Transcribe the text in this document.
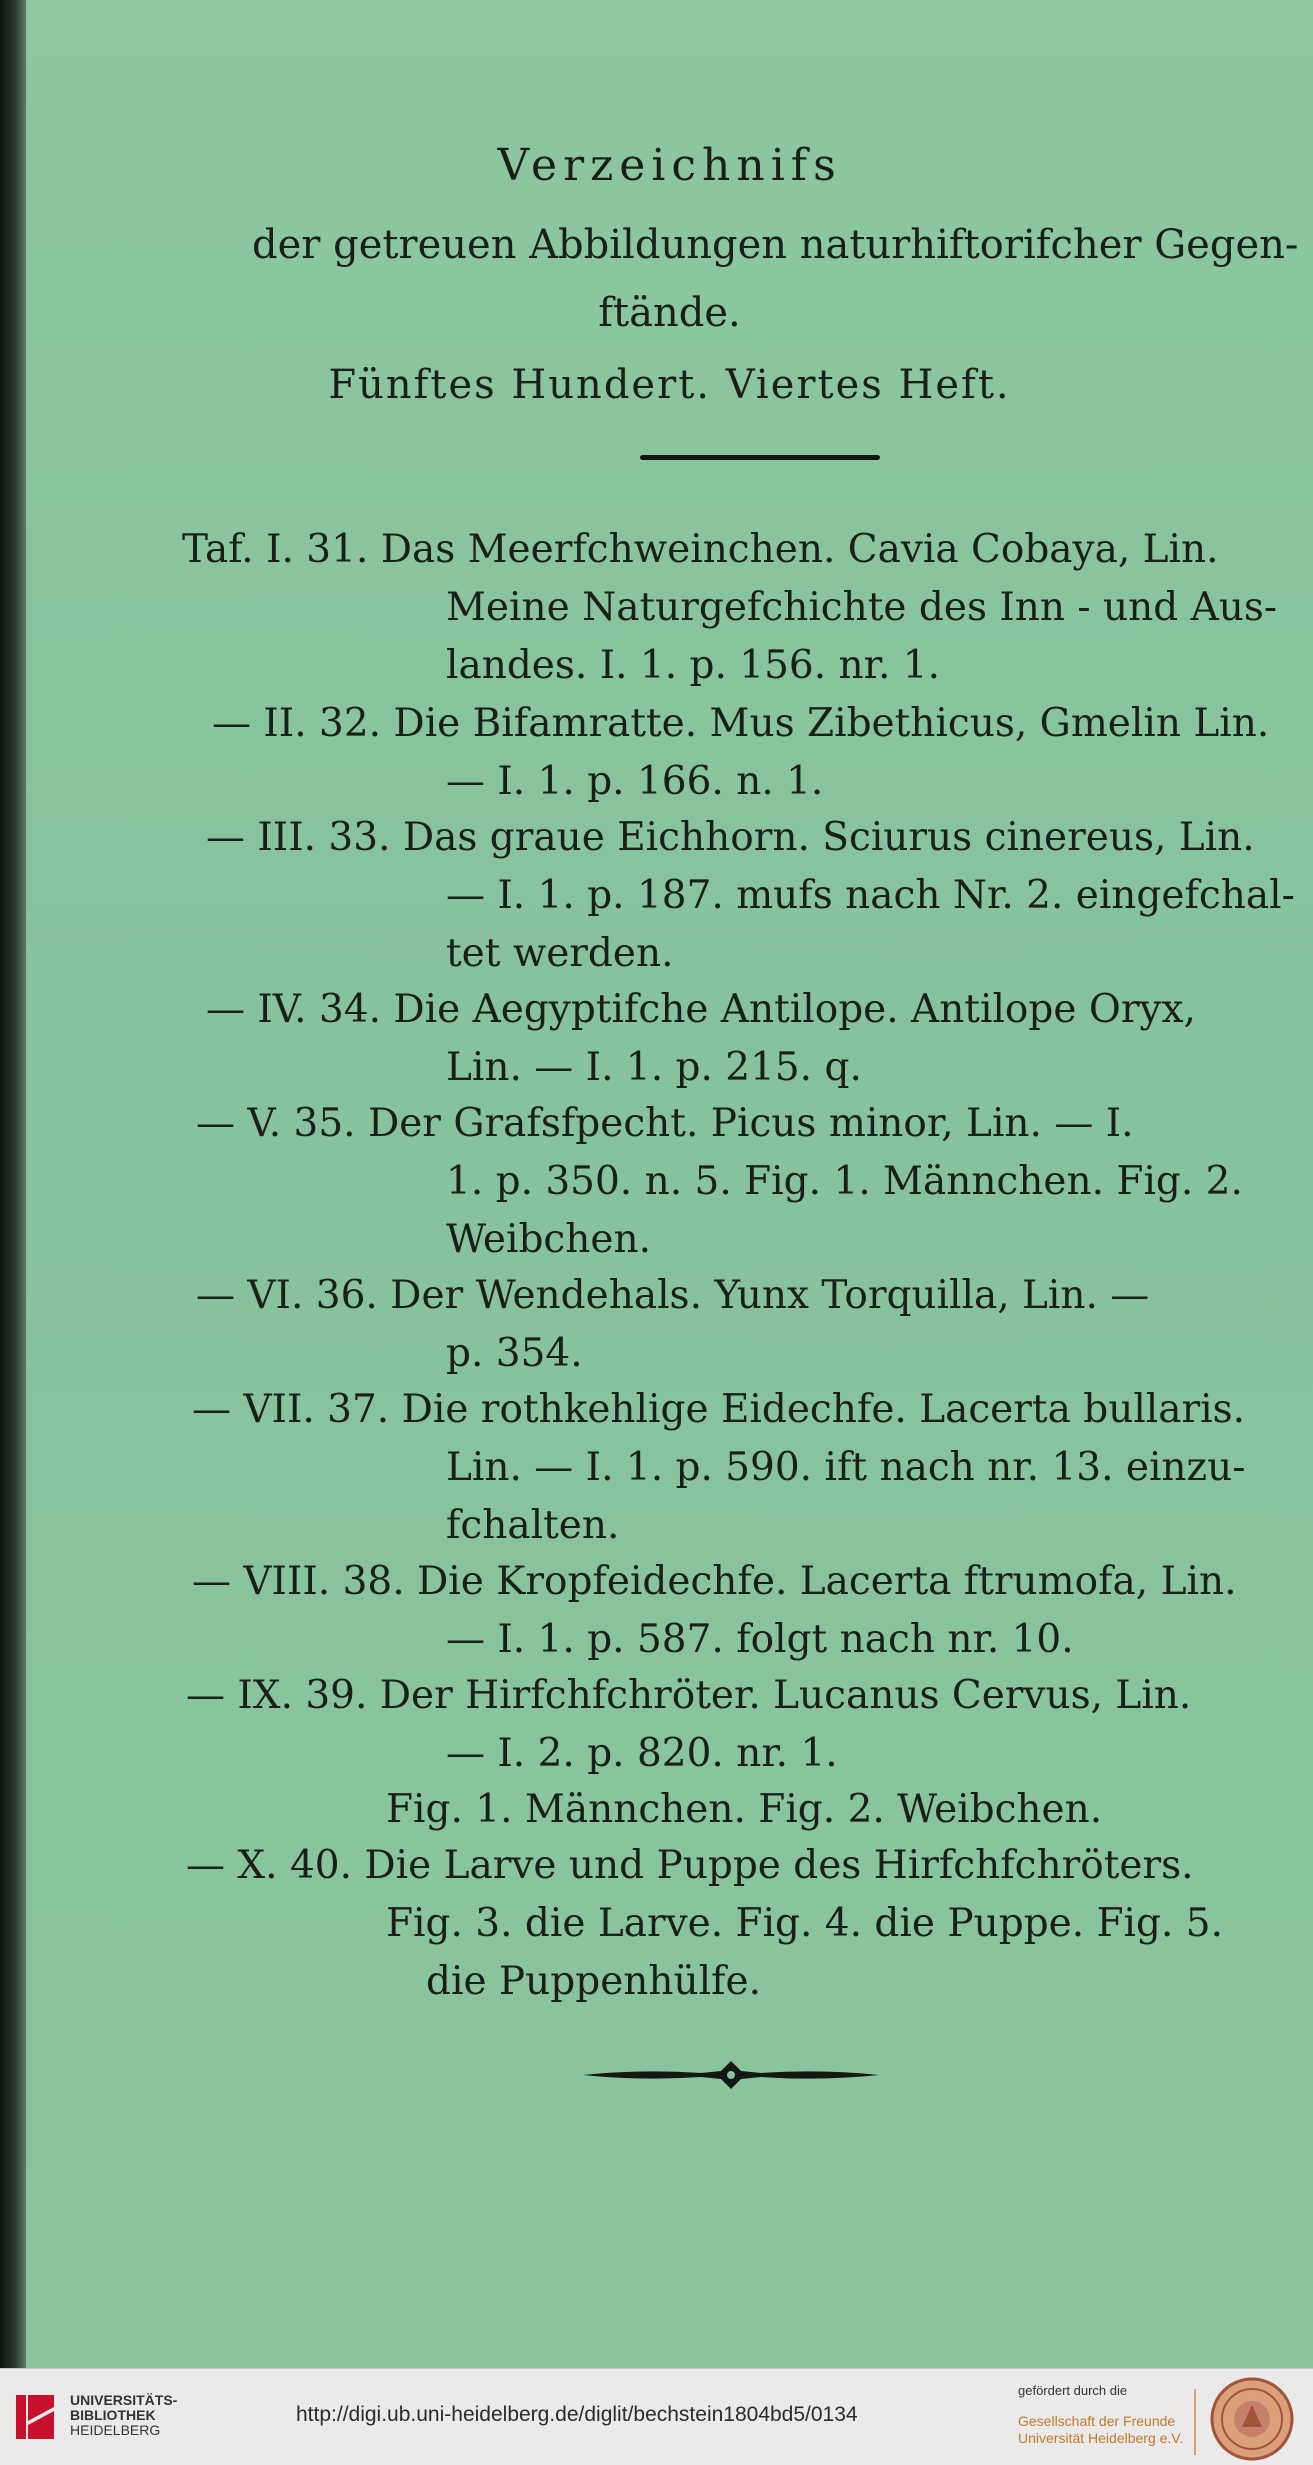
Verzeichnifs
der getreuen Abbildungen naturhiftorifcher Gegen-
ftände.
Fünftes Hundert. Viertes Heft.
Taf. I. 31. Das Meerfchweinchen. Cavia Cobaya, Lin.
Meine Naturgefchichte des Inn - und Aus-
landes. I. 1. p. 156. nr. 1.
— II. 32. Die Bifamratte. Mus Zibethicus, Gmelin Lin.
— I. 1. p. 166. n. 1.
— III. 33. Das graue Eichhorn. Sciurus cinereus, Lin.
— I. 1. p. 187. mufs nach Nr. 2. eingefchal-
tet werden.
— IV. 34. Die Aegyptifche Antilope. Antilope Oryx,
Lin. — I. 1. p. 215. q.
— V. 35. Der Grafsfpecht. Picus minor, Lin. — I.
1. p. 350. n. 5. Fig. 1. Männchen. Fig. 2.
Weibchen.
— VI. 36. Der Wendehals. Yunx Torquilla, Lin. —
p. 354.
— VII. 37. Die rothkehlige Eidechfe. Lacerta bullaris.
Lin. — I. 1. p. 590. ift nach nr. 13. einzu-
fchalten.
— VIII. 38. Die Kropfeidechfe. Lacerta ftrumofa, Lin.
— I. 1. p. 587. folgt nach nr. 10.
— IX. 39. Der Hirfchfchröter. Lucanus Cervus, Lin.
— I. 2. p. 820. nr. 1.
Fig. 1. Männchen. Fig. 2. Weibchen.
— X. 40. Die Larve und Puppe des Hirfchfchröters.
Fig. 3. die Larve. Fig. 4. die Puppe. Fig. 5.
die Puppenhülfe.
UNIVERSITÄTS-
BIBLIOTHEK
HEIDELBERG
http://digi.ub.uni-heidelberg.de/diglit/bechstein1804bd5/0134
gefördert durch die
Gesellschaft der Freunde
Universität Heidelberg e.V.
